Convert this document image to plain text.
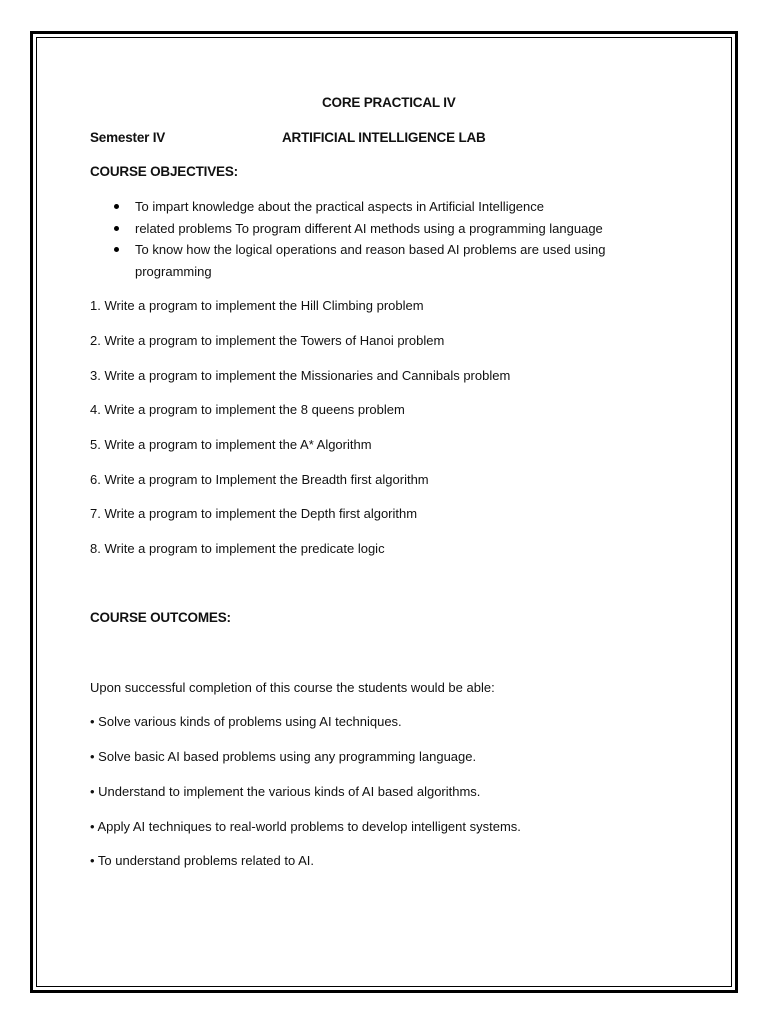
CORE PRACTICAL IV
Semester IV	ARTIFICIAL INTELLIGENCE LAB
COURSE OBJECTIVES:
To impart knowledge about the practical aspects in Artificial Intelligence
related problems To program different AI methods using a programming language
To know how the logical operations and reason based AI problems are used using
programming
1. Write a program to implement the Hill Climbing problem
2. Write a program to implement the Towers of Hanoi problem
3. Write a program to implement the Missionaries and Cannibals problem
4. Write a program to implement the 8 queens problem
5. Write a program to implement the A* Algorithm
6. Write a program to Implement the Breadth first algorithm
7. Write a program to implement the Depth first algorithm
8. Write a program to implement the predicate logic
COURSE OUTCOMES:
Upon successful completion of this course the students would be able:
• Solve various kinds of problems using AI techniques.
• Solve basic AI based problems using any programming language.
• Understand to implement the various kinds of AI based algorithms.
• Apply AI techniques to real-world problems to develop intelligent systems.
• To understand problems related to AI.
